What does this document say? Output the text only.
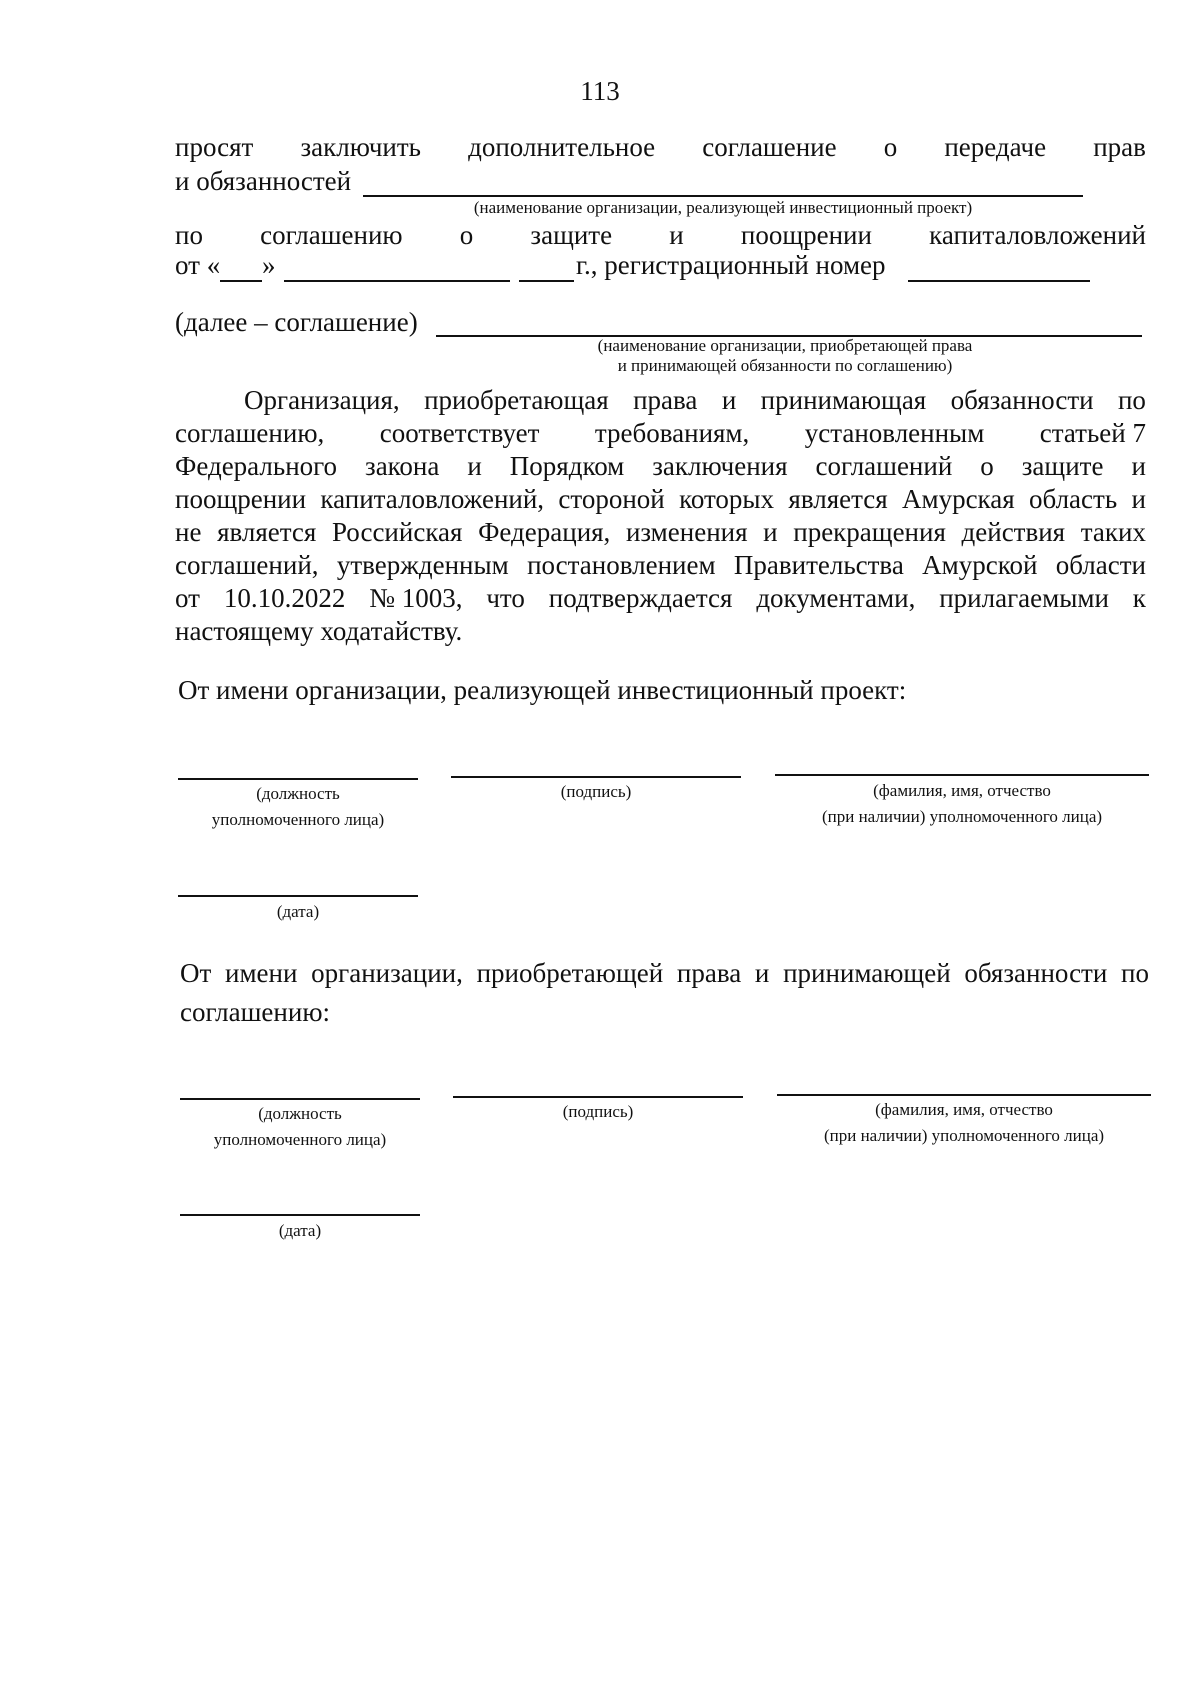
113
просят заключить дополнительное соглашение о передаче прав
и обязанностей
(наименование организации, реализующей инвестиционный проект)
по соглашению о защите и поощрении капиталовложений
от « »	г., регистрационный номер
(далее – соглашение)
(наименование организации, приобретающей права
и принимающей обязанности по соглашению)
Организация, приобретающая права и принимающая обязанности по
соглашению, соответствует требованиям, установленным статьей 7
Федерального закона и Порядком заключения соглашений о защите и
поощрении капиталовложений, стороной которых является Амурская область и
не является Российская Федерация, изменения и прекращения действия таких
соглашений, утвержденным постановлением Правительства Амурской области
от 10.10.2022 № 1003, что подтверждается документами, прилагаемыми к
настоящему ходатайству.
От имени организации, реализующей инвестиционный проект:
(должность
уполномоченного лица)
(подпись)	(фамилия, имя, отчество
(при наличии) уполномоченного лица)
(дата)
От имени организации, приобретающей права и принимающей обязанности по
соглашению:
(должность
уполномоченного лица)
(подпись)	(фамилия, имя, отчество
(при наличии) уполномоченного лица)
(дата)
